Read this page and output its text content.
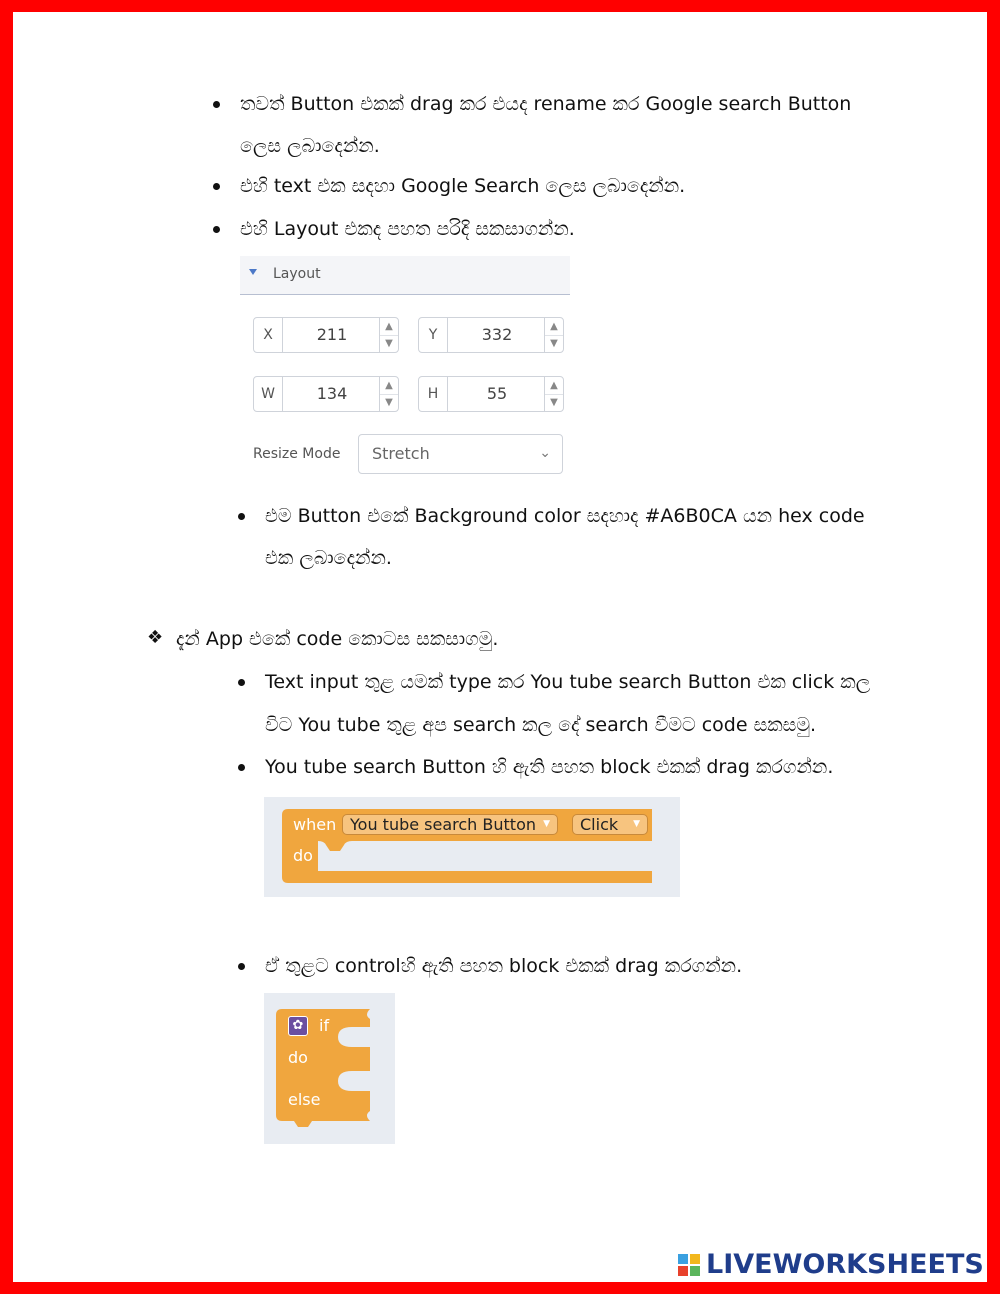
තවත් Button එකක් drag කර එයද rename කර Google search Button
ලෙස ලබාදෙන්න.
එහි text එක සදහා Google Search ලෙස ලබාදෙන්න.
එහි Layout එකද පහත පරිදි සකසාගන්න.
Layout
X	211	▲
▼
Y	332	▲
▼
W	134	▲
▼
H	55	▲
▼
Resize Mode Stretch	⌄
එම Button එකේ Background color සදහාද #A6B0CA යන hex code
එක ලබාදෙන්න.
❖ දැන් App එකේ code කොටස සකසාගමු.
Text input තුළ යමක් type කර You tube search Button එක click කල
විට You tube තුළ අප search කල දේ search වීමට code සකසමු.
You tube search Button හි ඇති පහත block එකක් drag කරගන්න.
when You tube search Button ▼	Click ▼
do
ඒ තුළට controlහි ඇති පහත block එකක් drag කරගන්න.
✿ if
do
else
LIVEWORKSHEETS
